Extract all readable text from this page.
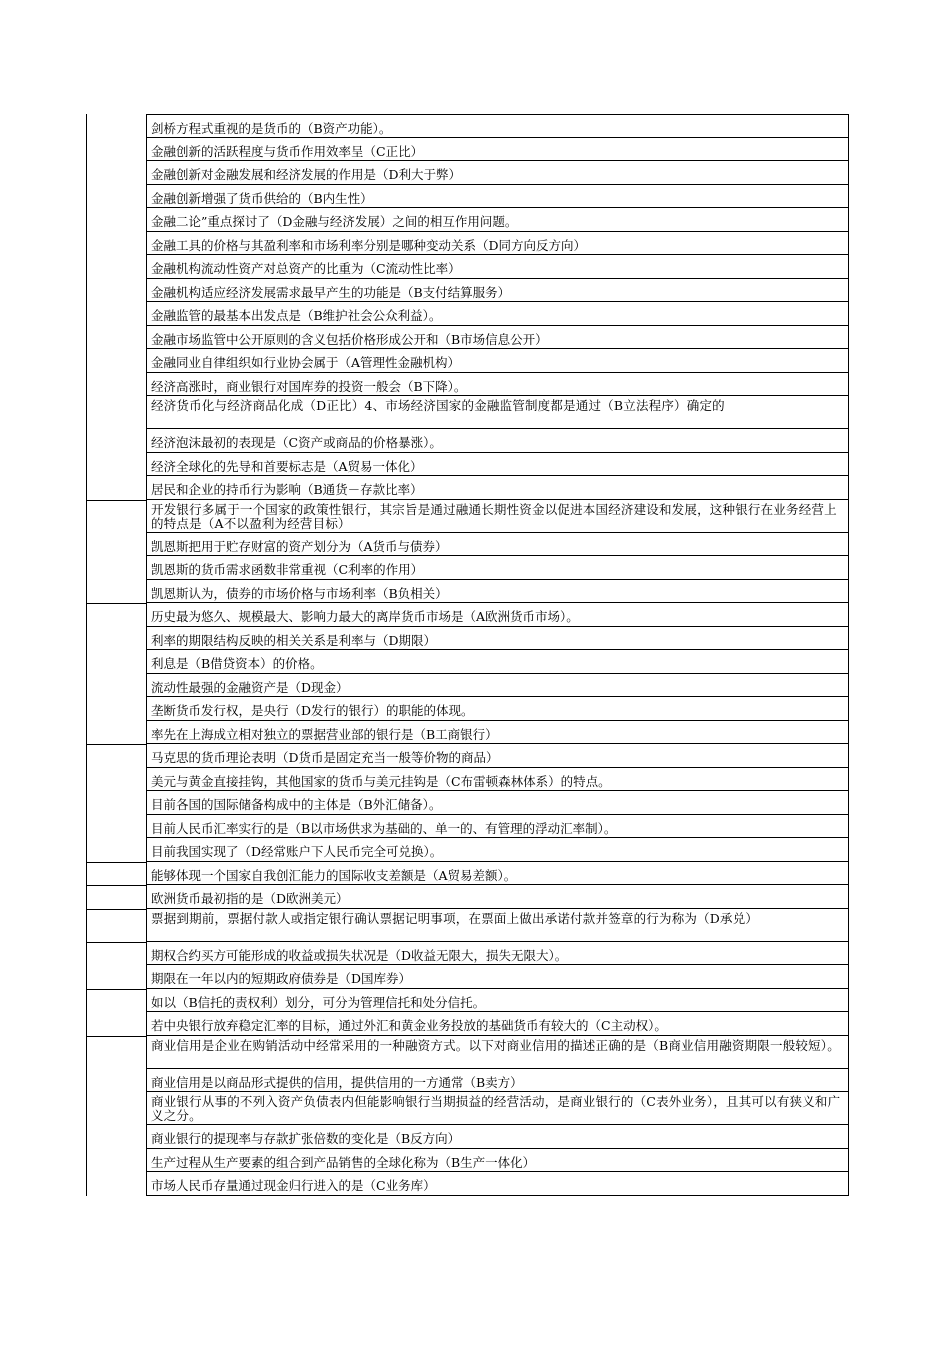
剑桥方程式重视的是货币的（B资产功能）。
金融创新的活跃程度与货币作用效率呈（C正比）
金融创新对金融发展和经济发展的作用是（D利大于弊）
金融创新增强了货币供给的（B内生性）
金融二论”重点探讨了（D金融与经济发展）之间的相互作用问题。
金融工具的价格与其盈利率和市场利率分别是哪种变动关系（D同方向反方向）
金融机构流动性资产对总资产的比重为（C流动性比率）
金融机构适应经济发展需求最早产生的功能是（B支付结算服务）
金融监管的最基本出发点是（B维护社会公众利益）。
金融市场监管中公开原则的含义包括价格形成公开和（B市场信息公开）
金融同业自律组织如行业协会属于（A管理性金融机构）
经济高涨时，商业银行对国库券的投资一般会（B下降）。
经济货币化与经济商品化成（D正比）4、市场经济国家的金融监管制度都是通过（B立法程序）确定的
经济泡沫最初的表现是（C资产或商品的价格暴涨）。
经济全球化的先导和首要标志是（A贸易一体化）
居民和企业的持币行为影响（B通货－存款比率）
开发银行多属于一个国家的政策性银行，其宗旨是通过融通长期性资金以促进本国经济建设和发展，这种银行在业务经营上的特点是（A不以盈利为经营目标）
凯恩斯把用于贮存财富的资产划分为（A货币与债券）
凯恩斯的货币需求函数非常重视（C利率的作用）
凯恩斯认为，债券的市场价格与市场利率（B负相关）
历史最为悠久、规模最大、影响力最大的离岸货币市场是（A欧洲货币市场）。
利率的期限结构反映的相关关系是利率与（D期限）
利息是（B借贷资本）的价格。
流动性最强的金融资产是（D现金）
垄断货币发行权，是央行（D发行的银行）的职能的体现。
率先在上海成立相对独立的票据营业部的银行是（B工商银行）
马克思的货币理论表明（D货币是固定充当一般等价物的商品）
美元与黄金直接挂钩，其他国家的货币与美元挂钩是（C布雷顿森林体系）的特点。
目前各国的国际储备构成中的主体是（B外汇储备）。
目前人民币汇率实行的是（B以市场供求为基础的、单一的、有管理的浮动汇率制）。
目前我国实现了（D经常账户下人民币完全可兑换）。
能够体现一个国家自我创汇能力的国际收支差额是（A贸易差额）。
欧洲货币最初指的是（D欧洲美元）
票据到期前，票据付款人或指定银行确认票据记明事项，在票面上做出承诺付款并签章的行为称为（D承兑）
期权合约买方可能形成的收益或损失状况是（D收益无限大，损失无限大）。
期限在一年以内的短期政府债券是（D国库券）
如以（B信托的责权利）划分，可分为管理信托和处分信托。
若中央银行放弃稳定汇率的目标，通过外汇和黄金业务投放的基础货币有较大的（C主动权）。
商业信用是企业在购销活动中经常采用的一种融资方式。以下对商业信用的描述正确的是（B商业信用融资期限一般较短）。
商业信用是以商品形式提供的信用，提供信用的一方通常（B卖方）
商业银行从事的不列入资产负债表内但能影响银行当期损益的经营活动，是商业银行的（C表外业务），且其可以有狭义和广义之分。
商业银行的提现率与存款扩张倍数的变化是（B反方向）
生产过程从生产要素的组合到产品销售的全球化称为（B生产一体化）
市场人民币存量通过现金归行进入的是（C业务库）
